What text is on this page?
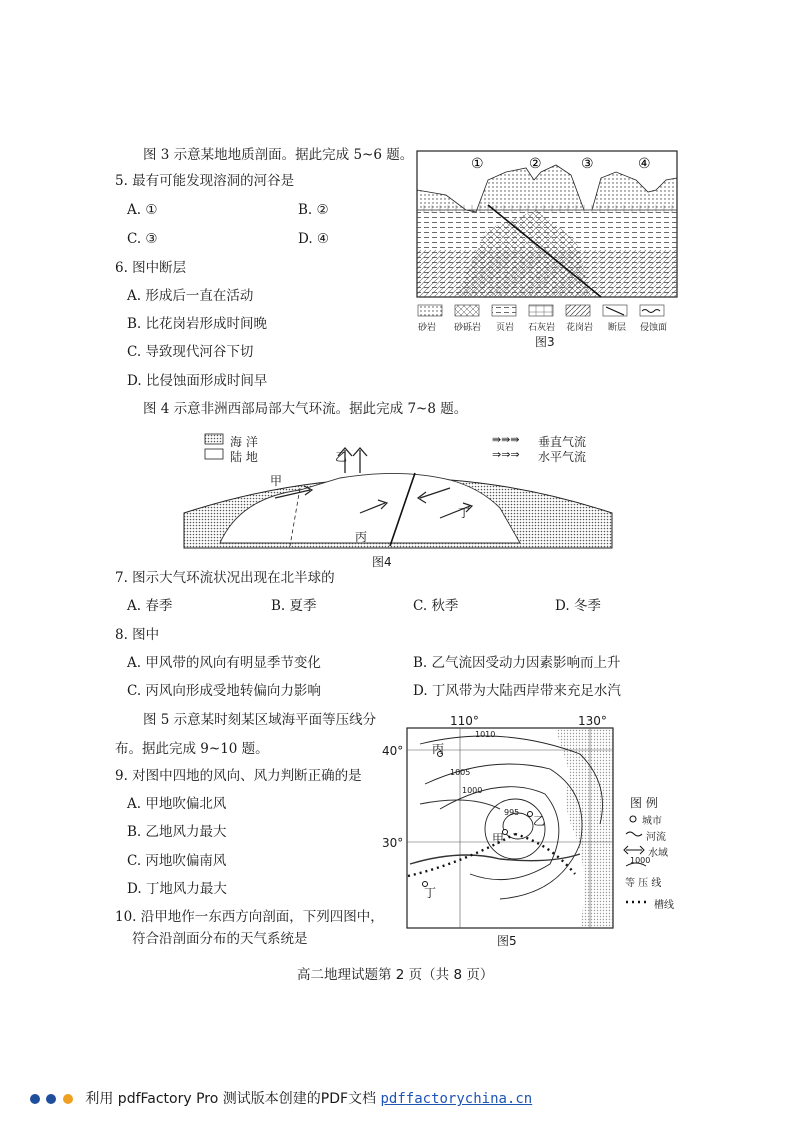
图 3 示意某地地质剖面。据此完成 5~6 题。
5. 最有可能发现溶洞的河谷是
A. ①	B. ②
C. ③	D. ④
6. 图中断层
A. 形成后一直在活动
B. 比花岗岩形成时间晚
C. 导致现代河谷下切
D. 比侵蚀面形成时间早
①	②	③	④
砂岩 砂砾岩 页岩 石灰岩 花岗岩 断层 侵蚀面
图3
图 4 示意非洲西部局部大气环流。据此完成 7~8 题。
海 洋
陆 地
⇛⇛⇛
⇒⇒⇒
垂直气流
水平气流
甲
乙
丙
丁
图4
7. 图示大气环流状况出现在北半球的
A. 春季	B. 夏季	C. 秋季	D. 冬季
8. 图中
A. 甲风带的风向有明显季节变化	B. 乙气流因受动力因素影响而上升
C. 丙风向形成受地转偏向力影响	D. 丁风带为大陆西岸带来充足水汽
图 5 示意某时刻某区域海平面等压线分
布。据此完成 9~10 题。
9. 对图中四地的风向、风力判断正确的是
A. 甲地吹偏北风
B. 乙地风力最大
C. 丙地吹偏南风
D. 丁地风力最大
10. 沿甲地作一东西方向剖面，下列四图中，
符合沿剖面分布的天气系统是
110°	130°
40°
30°
1010
1005
1000
995
丙
甲
乙
丁
图 例
城市
河流
水域
1000
等 压 线
槽线
图5
高二地理试题第 2 页（共 8 页）
利用 pdfFactory Pro 测试版本创建的PDF文档 pdffactorychina.cn
